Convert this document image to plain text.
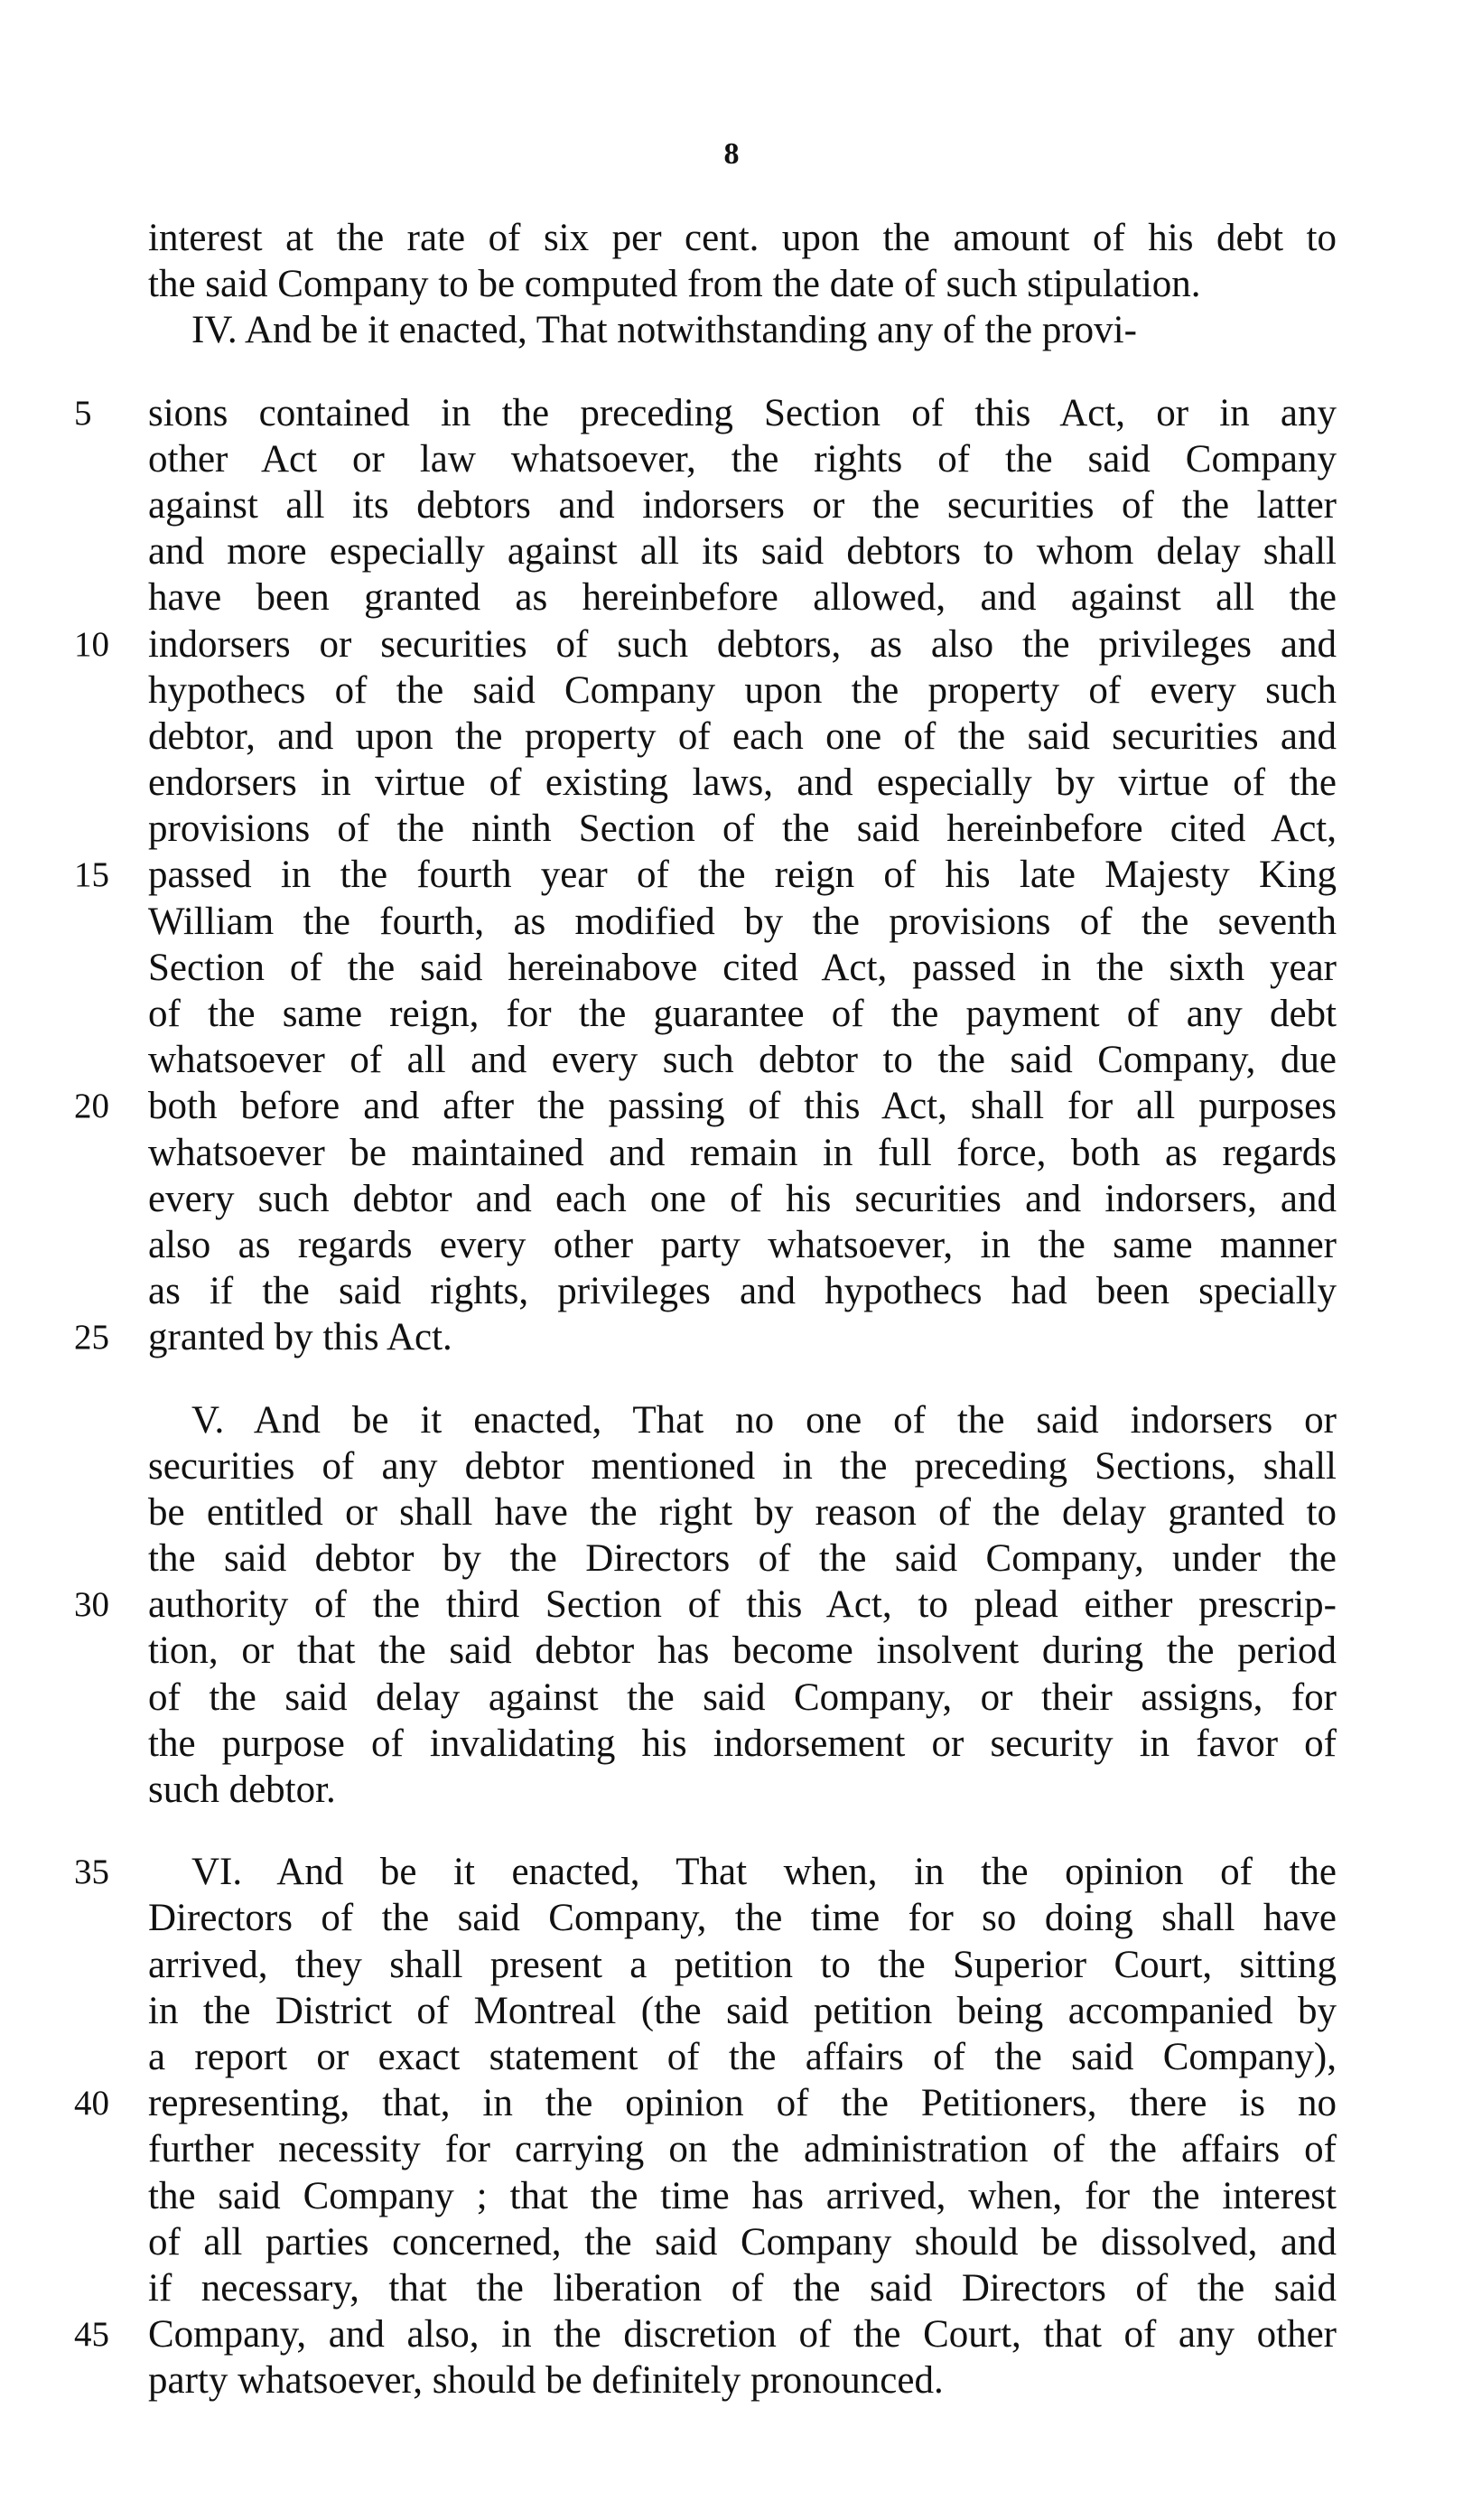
8
interest at the rate of six per cent. upon the amount of his debt to
the said Company to be computed from the date of such stipulation.
IV. And be it enacted, That notwithstanding any of the provi-
5	sions contained in the preceding Section of this Act, or in any
other Act or law whatsoever, the rights of the said Company
against all its debtors and indorsers or the securities of the latter
and more especially against all its said debtors to whom delay shall
have been granted as hereinbefore allowed, and against all the
10	indorsers or securities of such debtors, as also the privileges and
hypothecs of the said Company upon the property of every such
debtor, and upon the property of each one of the said securities and
endorsers in virtue of existing laws, and especially by virtue of the
provisions of the ninth Section of the said hereinbefore cited Act,
15	passed in the fourth year of the reign of his late Majesty King
William the fourth, as modified by the provisions of the seventh
Section of the said hereinabove cited Act, passed in the sixth year
of the same reign, for the guarantee of the payment of any debt
whatsoever of all and every such debtor to the said Company, due
20	both before and after the passing of this Act, shall for all purposes
whatsoever be maintained and remain in full force, both as regards
every such debtor and each one of his securities and indorsers, and
also as regards every other party whatsoever, in the same manner
as if the said rights, privileges and hypothecs had been specially
25	granted by this Act.
V. And be it enacted, That no one of the said indorsers or
securities of any debtor mentioned in the preceding Sections, shall
be entitled or shall have the right by reason of the delay granted to
the said debtor by the Directors of the said Company, under the
30	authority of the third Section of this Act, to plead either prescrip-
tion, or that the said debtor has become insolvent during the period
of the said delay against the said Company, or their assigns, for
the purpose of invalidating his indorsement or security in favor of
such debtor.
35	VI. And be it enacted, That when, in the opinion of the
Directors of the said Company, the time for so doing shall have
arrived, they shall present a petition to the Superior Court, sitting
in the District of Montreal (the said petition being accompanied by
a report or exact statement of the affairs of the said Company),
40	representing, that, in the opinion of the Petitioners, there is no
further necessity for carrying on the administration of the affairs of
the said Company ; that the time has arrived, when, for the interest
of all parties concerned, the said Company should be dissolved, and
if necessary, that the liberation of the said Directors of the said
45	Company, and also, in the discretion of the Court, that of any other
party whatsoever, should be definitely pronounced.
